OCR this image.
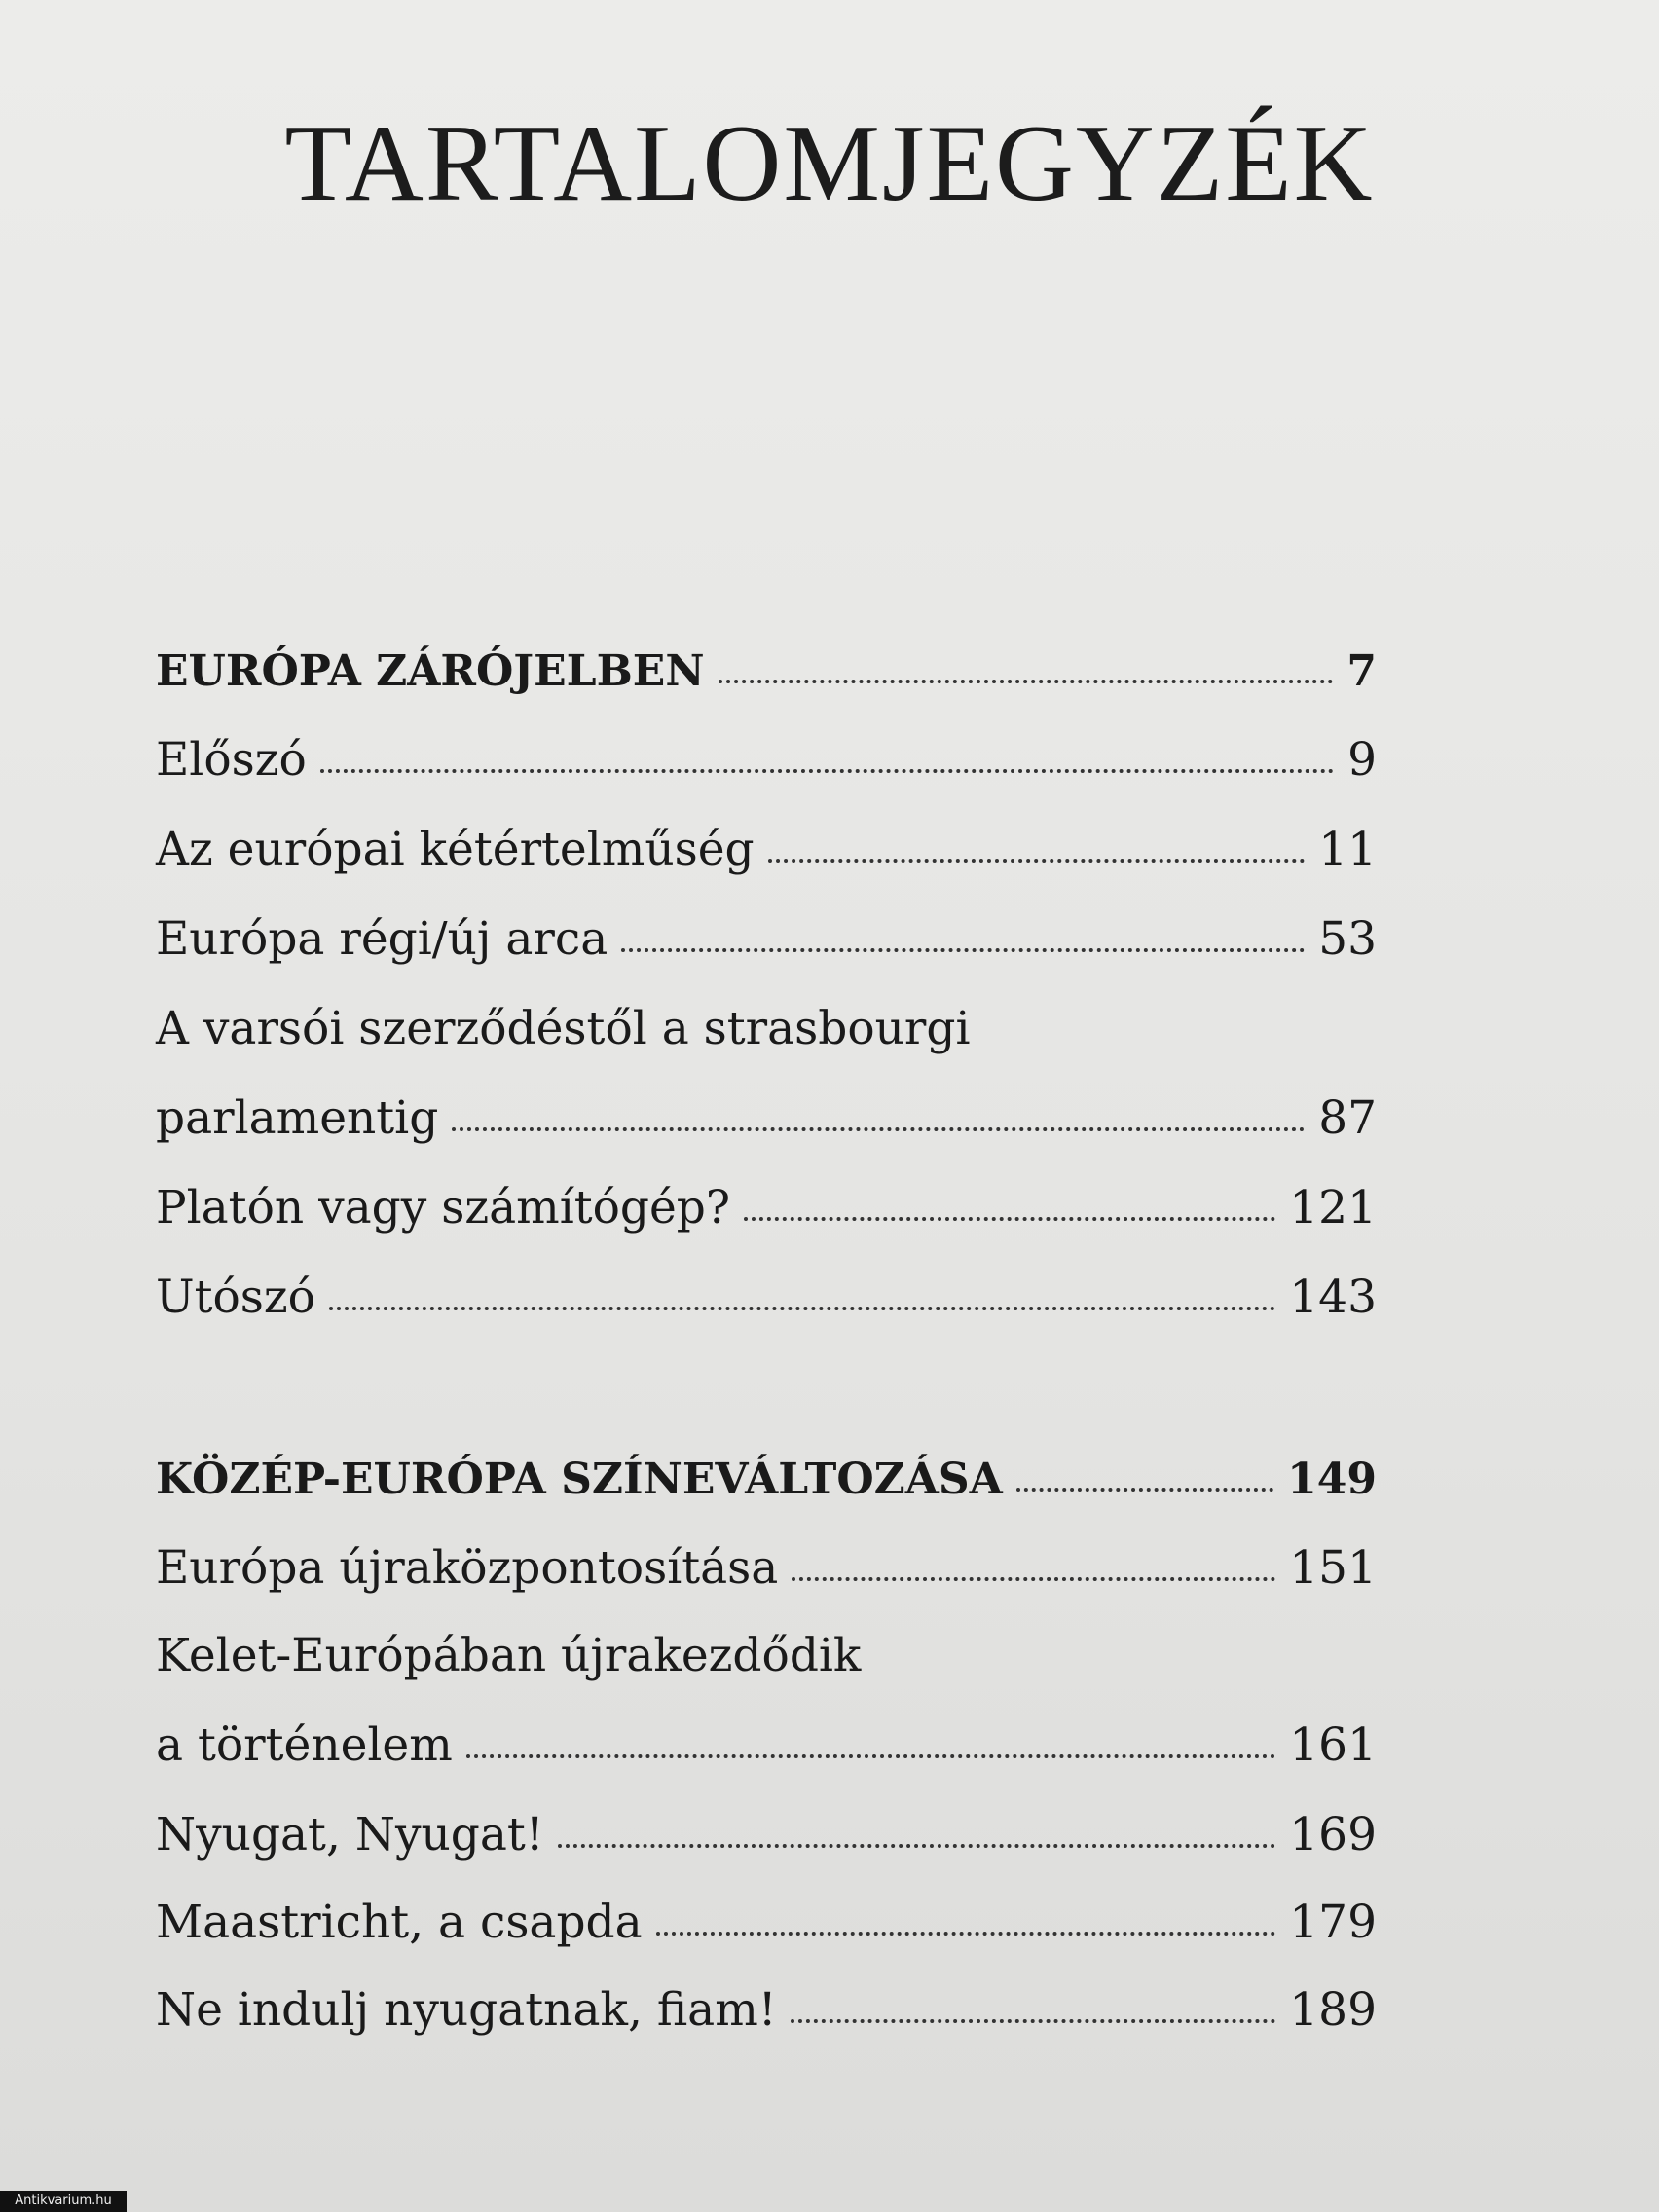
TARTALOMJEGYZÉK
EURÓPA ZÁRÓJELBEN	7
Előszó	9
Az európai kétértelműség	11
Európa régi/új arca	53
A varsói szerződéstől a strasbourgi
parlamentig	87
Platón vagy számítógép?	121
Utószó	143
KÖZÉP-EURÓPA SZÍNEVÁLTOZÁSA	149
Európa újraközpontosítása	151
Kelet-Európában újrakezdődik
a történelem	161
Nyugat, Nyugat!	169
Maastricht, a csapda	179
Ne indulj nyugatnak, fiam!	189
Antikvarium.hu
